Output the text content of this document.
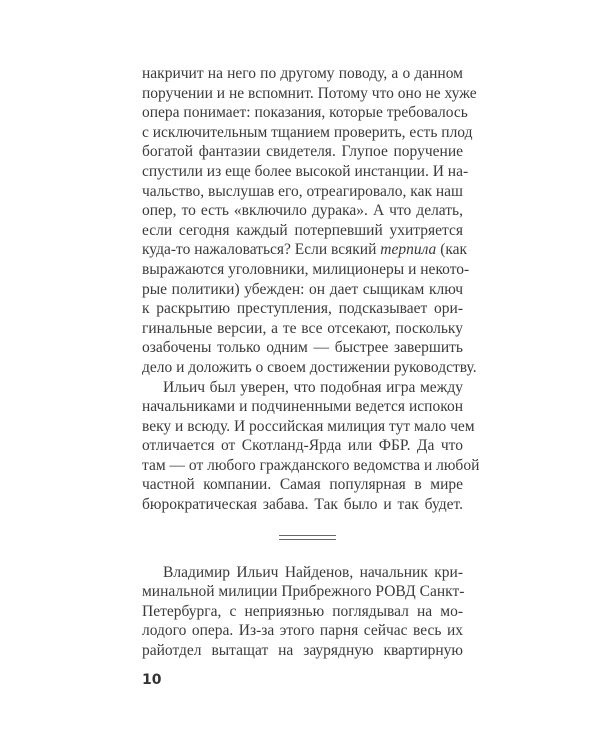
накричит на него по другому поводу, а о данном
поручении и не вспомнит. Потому что оно не хуже
опера понимает: показания, которые требовалось
с исключительным тщанием проверить, есть плод
богатой фантазии свидетеля. Глупое поручение
спустили из еще более высокой инстанции. И на-
чальство, выслушав его, отреагировало, как наш
опер, то есть «включило дурака». А что делать,
если сегодня каждый потерпевший ухитряется
куда-то нажаловаться? Если всякий терпила (как
выражаются уголовники, милиционеры и некото-
рые политики) убежден: он дает сыщикам ключ
к раскрытию преступления, подсказывает ори-
гинальные версии, а те все отсекают, поскольку
озабочены только одним — быстрее завершить
дело и доложить о своем достижении руководству.
Ильич был уверен, что подобная игра между
начальниками и подчиненными ведется испокон
веку и всюду. И российская милиция тут мало чем
отличается от Скотланд-Ярда или ФБР. Да что
там — от любого гражданского ведомства и любой
частной компании. Самая популярная в мире
бюрократическая забава. Так было и так будет.
Владимир Ильич Найденов, начальник кри-
минальной милиции Прибрежного РОВД Санкт-
Петербурга, с неприязнью поглядывал на мо-
лодого опера. Из-за этого парня сейчас весь их
райотдел вытащат на заурядную квартирную
10
